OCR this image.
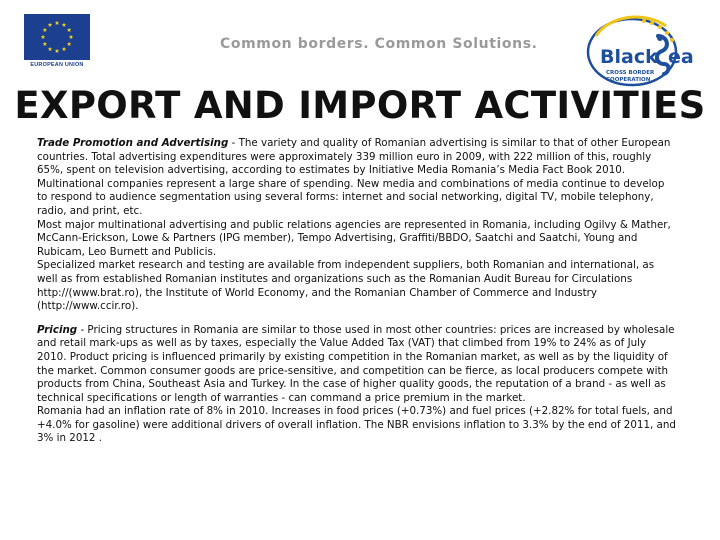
EUROPEAN UNION
Common borders. Common Solutions.
Black ea
CROSS BORDER
COOPERATION
EXPORT AND IMPORT ACTIVITIES

Trade Promotion and Advertising - The variety and quality of Romanian advertising is similar to that of other European countries. Total advertising expenditures were approximately 339 million euro in 2009, with 222 million of this, roughly 65%, spent on television advertising, according to estimates by Initiative Media Romania’s Media Fact Book 2010. Multinational companies represent a large share of spending. New media and combinations of media continue to develop to respond to audience segmentation using several forms: internet and social networking, digital TV, mobile telephony, radio, and print, etc.

Most major multinational advertising and public relations agencies are represented in Romania, including Ogilvy & Mather, McCann-Erickson, Lowe & Partners (IPG member), Tempo Advertising, Graffiti/BBDO, Saatchi and Saatchi, Young and Rubicam, Leo Burnett and Publicis.

Specialized market research and testing are available from independent suppliers, both Romanian and international, as well as from established Romanian institutes and organizations such as the Romanian Audit Bureau for Circulations http://(www.brat.ro), the Institute of World Economy, and the Romanian Chamber of Commerce and Industry (http://www.ccir.ro).

Pricing - Pricing structures in Romania are similar to those used in most other countries: prices are increased by wholesale and retail mark-ups as well as by taxes, especially the Value Added Tax (VAT) that climbed from 19% to 24% as of July 2010. Product pricing is influenced primarily by existing competition in the Romanian market, as well as by the liquidity of the market. Common consumer goods are price-sensitive, and competition can be fierce, as local producers compete with products from China, Southeast Asia and Turkey. In the case of higher quality goods, the reputation of a brand - as well as technical specifications or length of warranties - can command a price premium in the market.

Romania had an inflation rate of 8% in 2010. Increases in food prices (+0.73%) and fuel prices (+2.82% for total fuels, and +4.0% for gasoline) were additional drivers of overall inflation. The NBR envisions inflation to 3.3% by the end of 2011, and 3% in 2012 .
